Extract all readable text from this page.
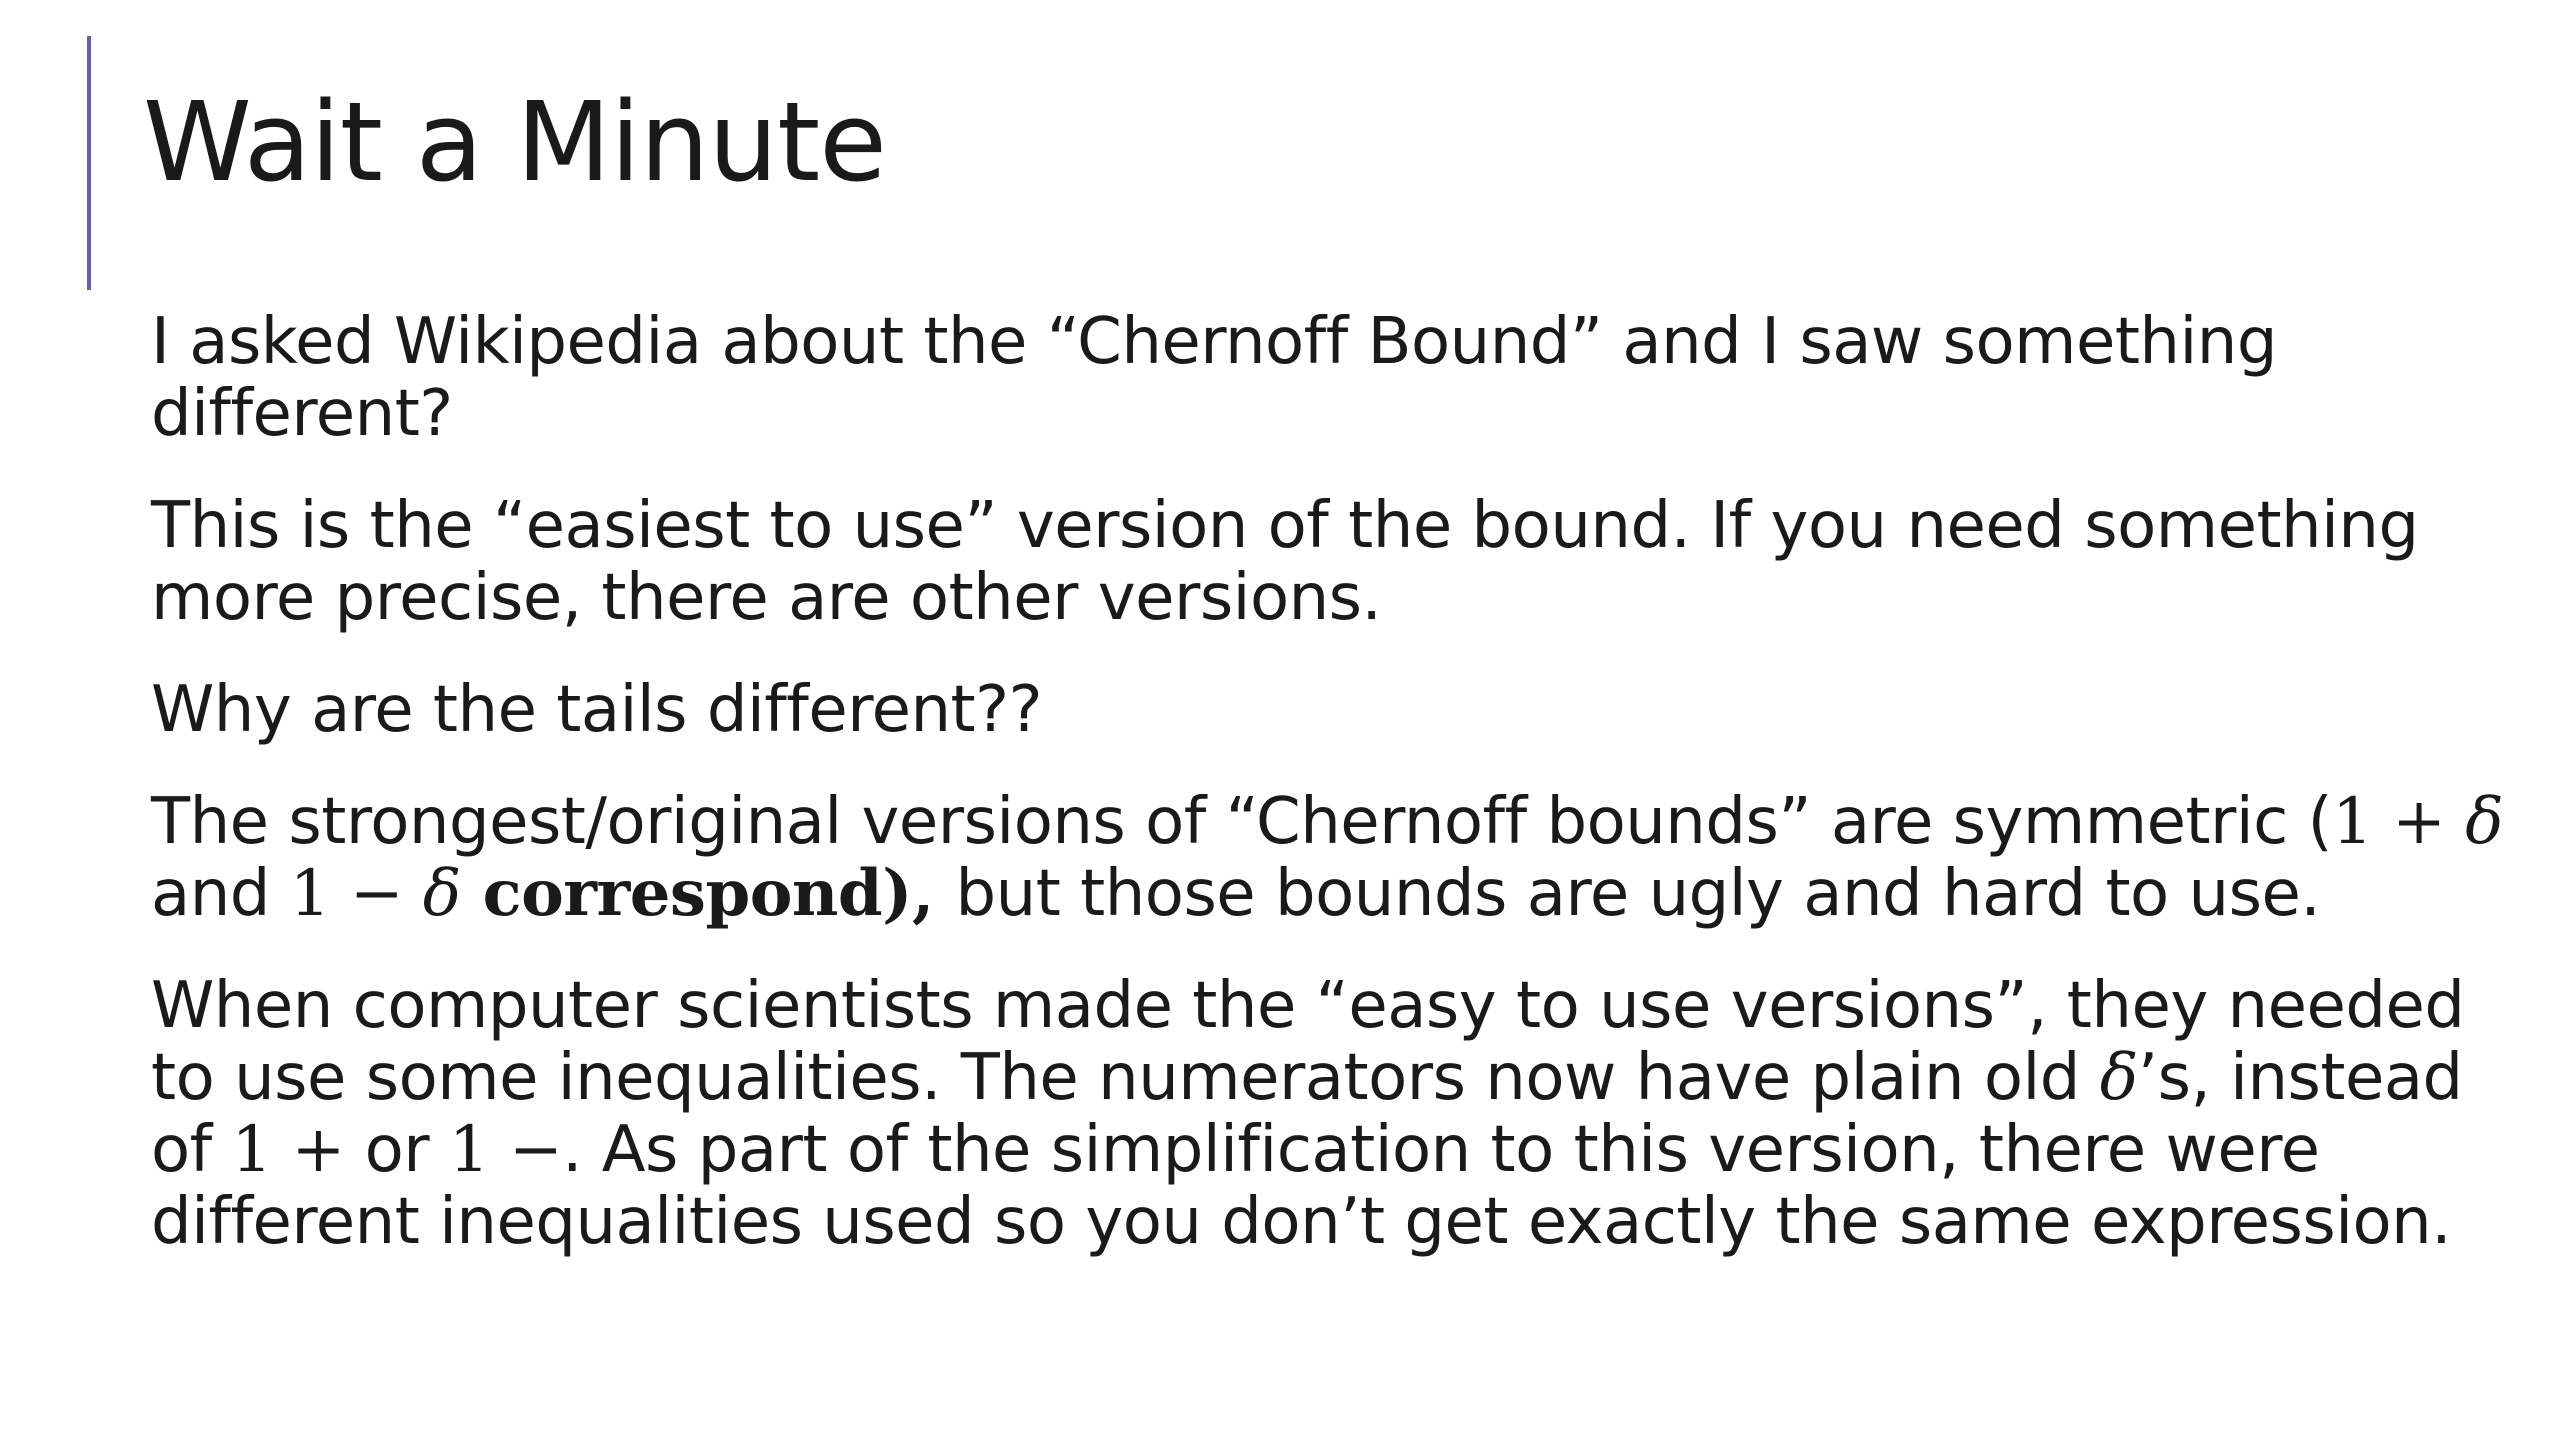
Wait a Minute

I asked Wikipedia about the “Chernoff Bound” and I saw something different?

This is the “easiest to use” version of the bound. If you need something more precise, there are other versions.

Why are the tails different??

The strongest/original versions of “Chernoff bounds” are symmetric (1 + δ and 1 − δ correspond), but those bounds are ugly and hard to use.

When computer scientists made the “easy to use versions”, they needed to use some inequalities. The numerators now have plain old δ’s, instead of 1 + or 1 −. As part of the simplification to this version, there were different inequalities used so you don’t get exactly the same expression.
